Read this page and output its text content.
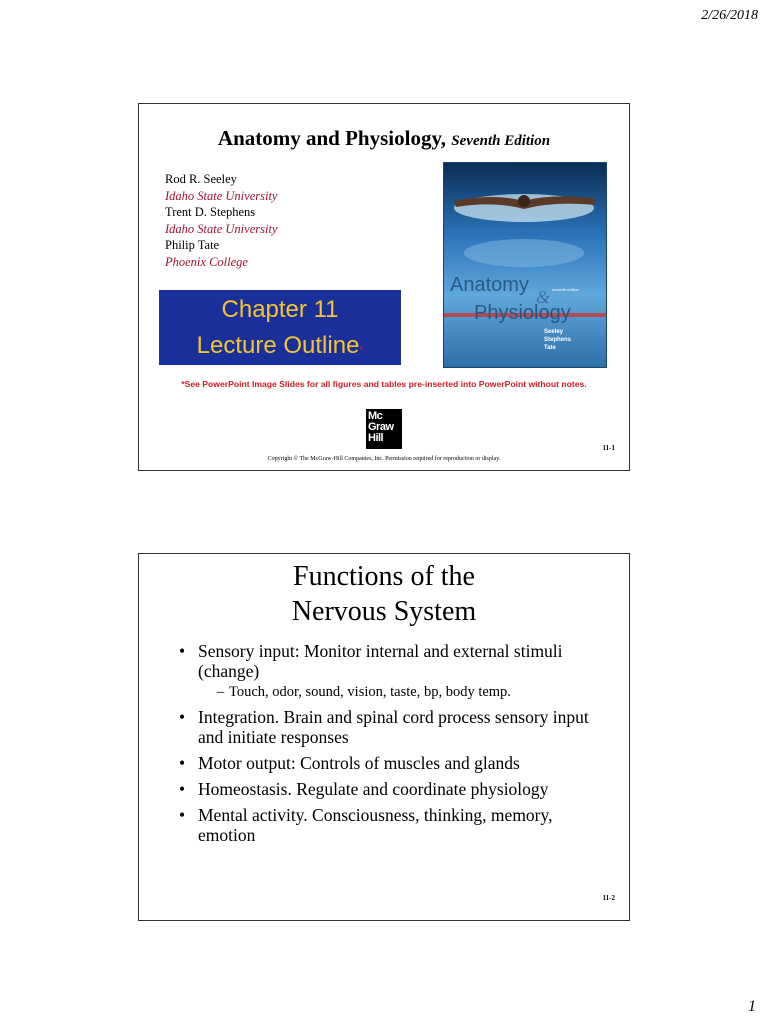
2/26/2018
Anatomy and Physiology, Seventh Edition
Rod R. Seeley
Idaho State University
Trent D. Stephens
Idaho State University
Philip Tate
Phoenix College
Chapter 11
Lecture Outline*
Anatomy
&
Physiology
seventh edition
Seeley
Stephens
Tate
*See PowerPoint Image Slides for all figures and tables pre-inserted into PowerPoint without notes.
Mc
Graw
Hill
11-1
Copyright © The McGraw-Hill Companies, Inc. Permission required for reproduction or display.
Functions of the
Nervous System
• Sensory input: Monitor internal and external stimuli (change)
– Touch, odor, sound, vision, taste, bp, body temp.
• Integration. Brain and spinal cord process sensory input and initiate responses
• Motor output: Controls of muscles and glands
• Homeostasis. Regulate and coordinate physiology
• Mental activity. Consciousness, thinking, memory, emotion
11-2
1
